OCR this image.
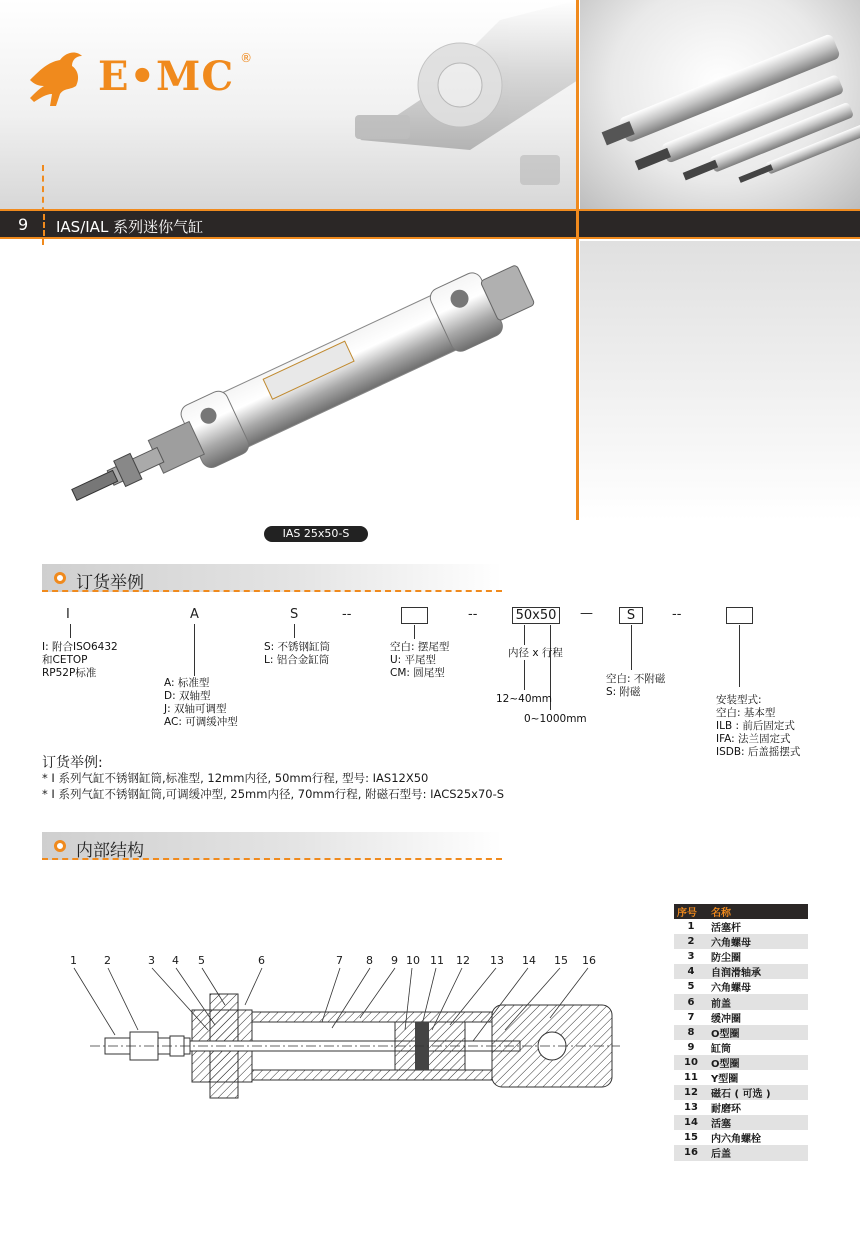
E•MC ®
9 IAS/IAL 系列迷你气缸
IAS 25x50-S
订货举例
I	A	S	--	--	50x50 —	S	--
I: 附合ISO6432
和CETOP
RP52P标准
A: 标准型
D: 双轴型
J: 双轴可调型
AC: 可调缓冲型
S: 不锈钢缸筒
L: 铝合金缸筒
空白: 摆尾型
U: 平尾型
CM: 圆尾型
内径 x 行程
12~40mm
0~1000mm
空白: 不附磁
S: 附磁
安装型式:
空白: 基本型
ILB : 前后固定式
IFA: 法兰固定式
ISDB: 后盖摇摆式
订货举例:
* I 系列气缸不锈钢缸筒,标准型, 12mm内径, 50mm行程, 型号: IAS12X50
* I 系列气缸不锈钢缸筒,可调缓冲型, 25mm内径, 70mm行程, 附磁石型号: IACS25x70-S
内部结构
1 2	3 4 5	6	7 8 9 10 11 12 13 14 15 16
序号	名称
1	活塞杆
2	六角螺母
3	防尘圈
4	自润滑轴承
5	六角螺母
6	前盖
7	缓冲圈
8	O型圈
9	缸筒
10	O型圈
11	Y型圈
12	磁石 ( 可选 )
13	耐磨环
14	活塞
15	内六角螺栓
16	后盖
